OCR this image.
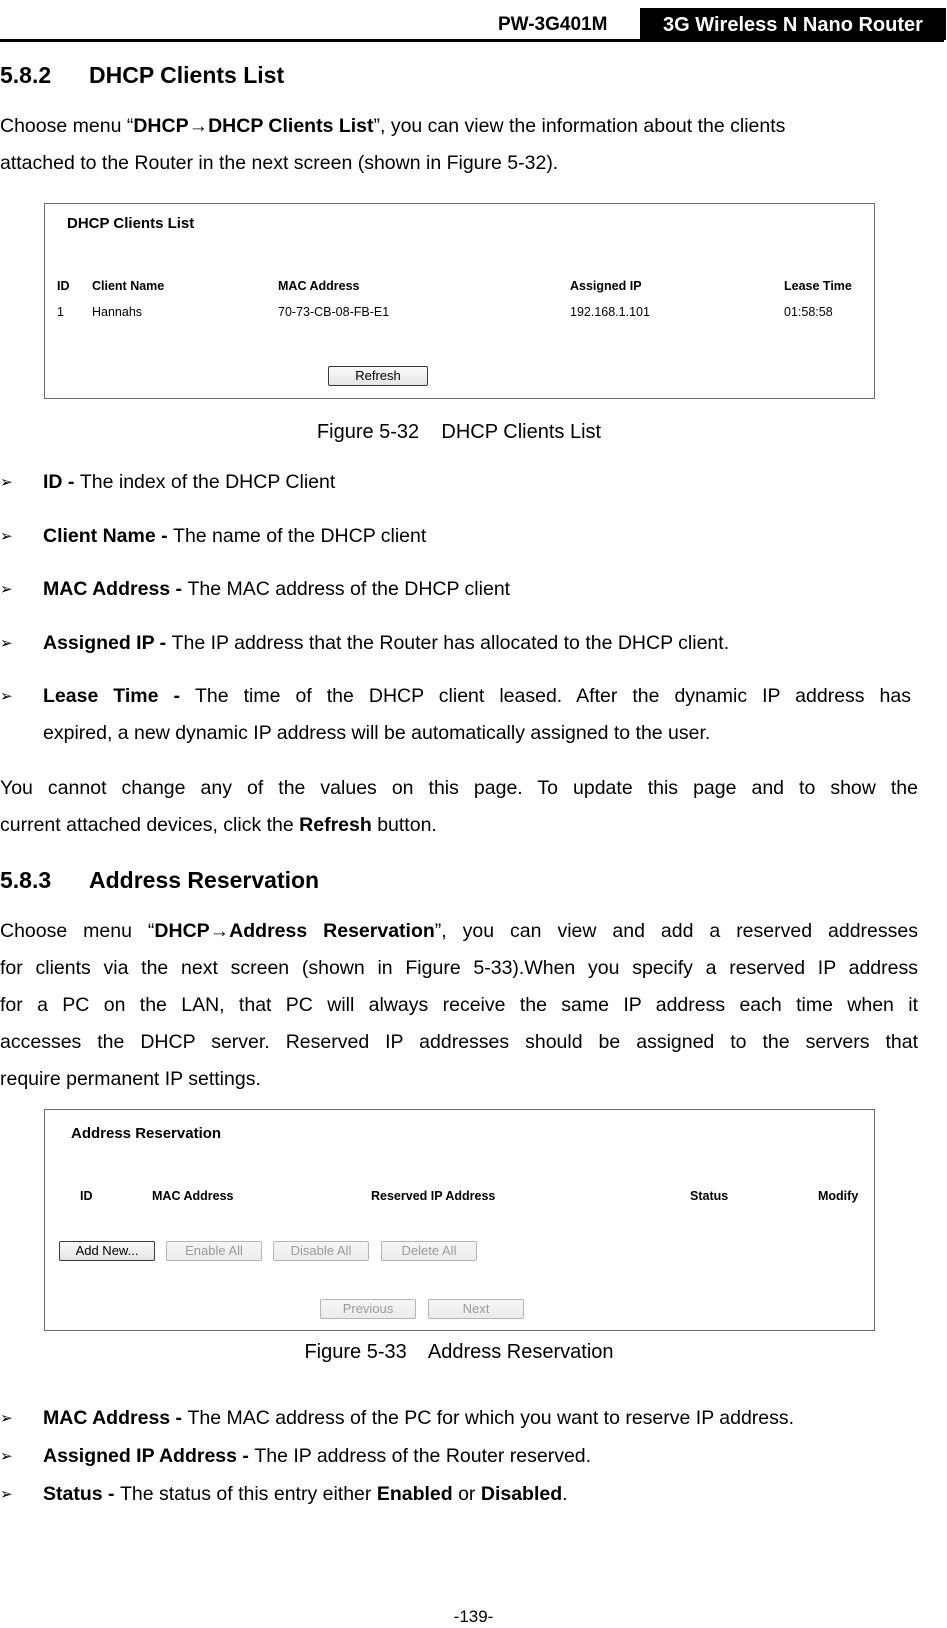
PW-3G401M	3G Wireless N Nano Router
5.8.2 DHCP Clients List
Choose menu “DHCP→DHCP Clients List”, you can view the information about the clients
attached to the Router in the next screen (shown in Figure 5-32).
DHCP Clients List
ID Client Name	MAC Address	Assigned IP	Lease Time
1 Hannahs	70-73-CB-08-FB-E1	192.168.1.101	01:58:58
Refresh
Figure 5-32    DHCP Clients List
➢ ID - The index of the DHCP Client
➢ Client Name - The name of the DHCP client
➢ MAC Address - The MAC address of the DHCP client
➢ Assigned IP - The IP address that the Router has allocated to the DHCP client.
➢ Lease Time - The time of the DHCP client leased. After the dynamic IP address has
expired, a new dynamic IP address will be automatically assigned to the user.
You cannot change any of the values on this page. To update this page and to show the
current attached devices, click the Refresh button.
5.8.3 Address Reservation
Choose menu “DHCP→Address Reservation”, you can view and add a reserved addresses
for clients via the next screen (shown in Figure 5-33).When you specify a reserved IP address
for a PC on the LAN, that PC will always receive the same IP address each time when it
accesses the DHCP server. Reserved IP addresses should be assigned to the servers that
require permanent IP settings.
Address Reservation
ID	MAC Address	Reserved IP Address	Status	Modify
Add New...	Enable All	Disable All	Delete All
Previous	Next
Figure 5-33    Address Reservation
➢ MAC Address - The MAC address of the PC for which you want to reserve IP address.
➢ Assigned IP Address - The IP address of the Router reserved.
➢ Status - The status of this entry either Enabled or Disabled.
-139-
